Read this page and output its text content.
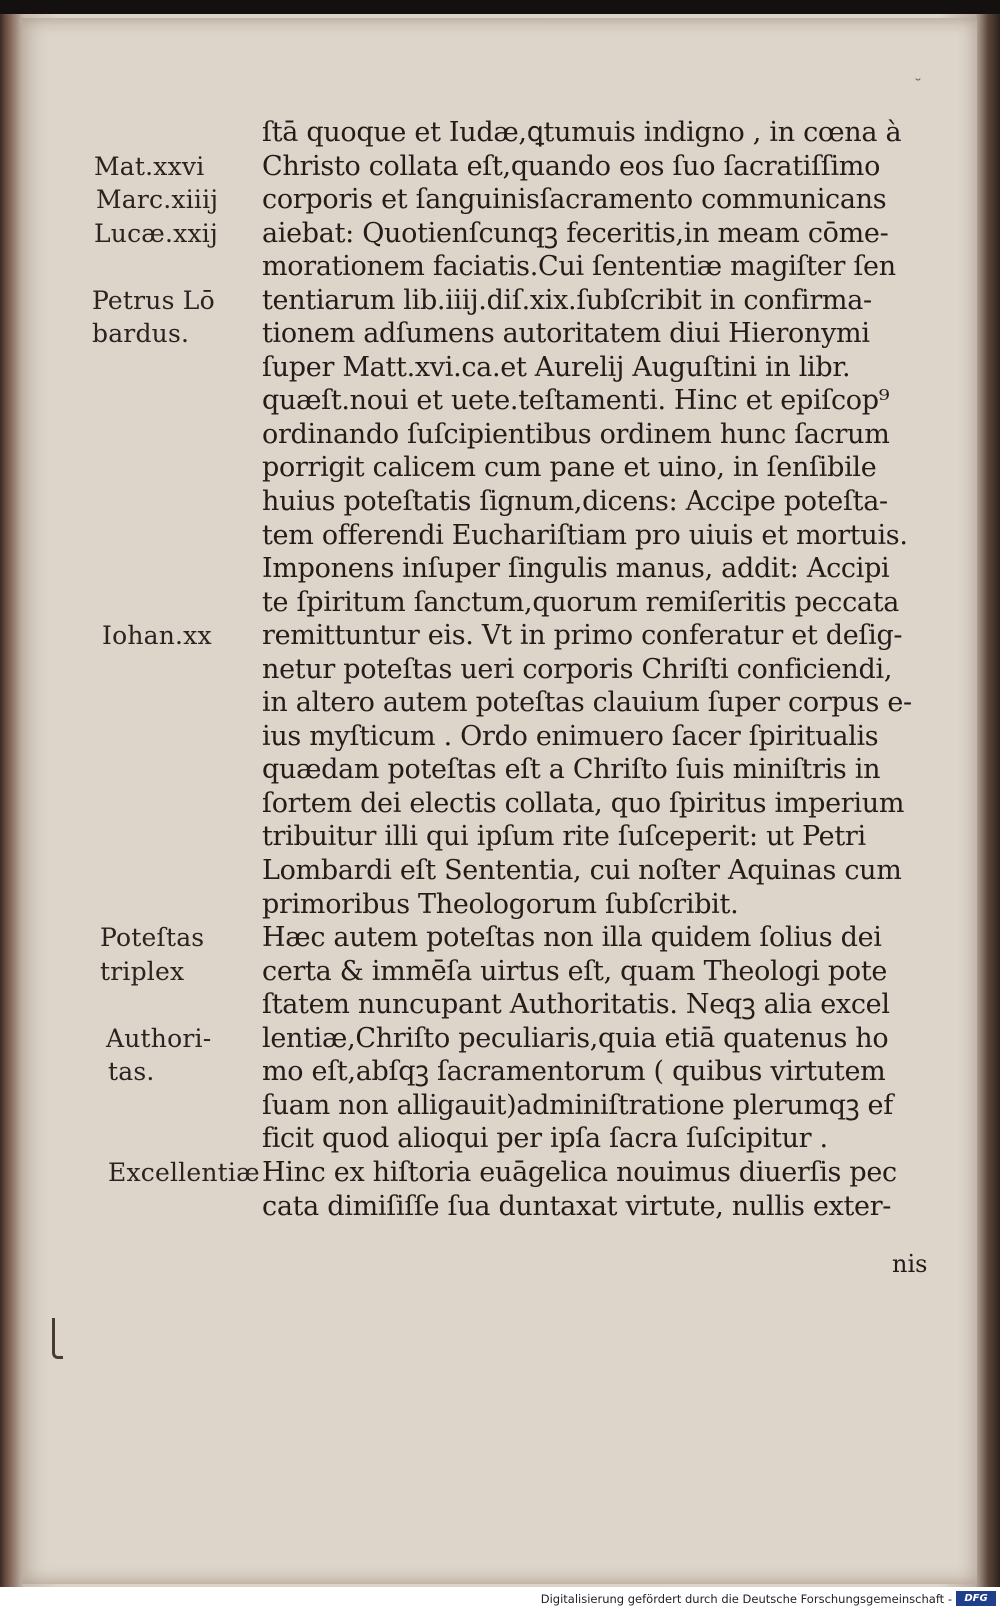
˘
Mat.xxvi
Marc.xiiij
Lucæ.xxij
Petrus Lō
bardus.
Iohan.xx
Poteſtas
triplex
Authori-
tas.
Excellentiæ
ſtā quoque et Iudæ,ꝗtumuis indigno , in cœna à
Christo collata eſt,quando eos ſuo ſacratiſſimo
corporis et ſanguinisſacramento communicans
aiebat: Quotienſcunqꝫ feceritis,in meam cōme-
morationem faciatis.Cui ſententiæ magiſter ſen
tentiarum lib.iiij.diſ.xix.ſubſcribit in confirma-
tionem adſumens autoritatem diui Hieronymi
ſuper Matt.xvi.ca.et Aurelij Auguſtini in libr.
quæſt.noui et uete.teſtamenti. Hinc et epiſcop⁹
ordinando ſuſcipientibus ordinem hunc ſacrum
porrigit calicem cum pane et uino, in ſenſibile
huius poteſtatis ſignum,dicens: Accipe poteſta-
tem offerendi Euchariſtiam pro uiuis et mortuis.
Imponens inſuper ſingulis manus, addit: Accipi
te ſpiritum ſanctum,quorum remiſeritis peccata
remittuntur eis. Vt in primo conferatur et deſig-
netur poteſtas ueri corporis Chriſti conficiendi,
in altero autem poteſtas clauium ſuper corpus e-
ius myſticum . Ordo enimuero ſacer ſpiritualis
quædam poteſtas eſt a Chriſto ſuis miniſtris in
ſortem dei electis collata, quo ſpiritus imperium
tribuitur illi qui ipſum rite ſuſceperit: ut Petri
Lombardi eſt Sententia, cui noſter Aquinas cum
primoribus Theologorum ſubſcribit.
Hæc autem poteſtas non illa quidem ſolius dei
certa & immēſa uirtus eſt, quam Theologi pote
ſtatem nuncupant Authoritatis. Neqꝫ alia excel
lentiæ,Chriſto peculiaris,quia etiā quatenus ho
mo eſt,abſqꝫ ſacramentorum ( quibus virtutem
ſuam non alligauit)adminiſtratione plerumqꝫ ef
ficit quod alioqui per ipſa ſacra ſuſcipitur .
Hinc ex hiſtoria euāgelica nouimus diuerſis pec
cata dimiſiſſe ſua duntaxat virtute, nullis exter-
nis
Digitalisierung gefördert durch die Deutsche Forschungsgemeinschaft -	DFG
